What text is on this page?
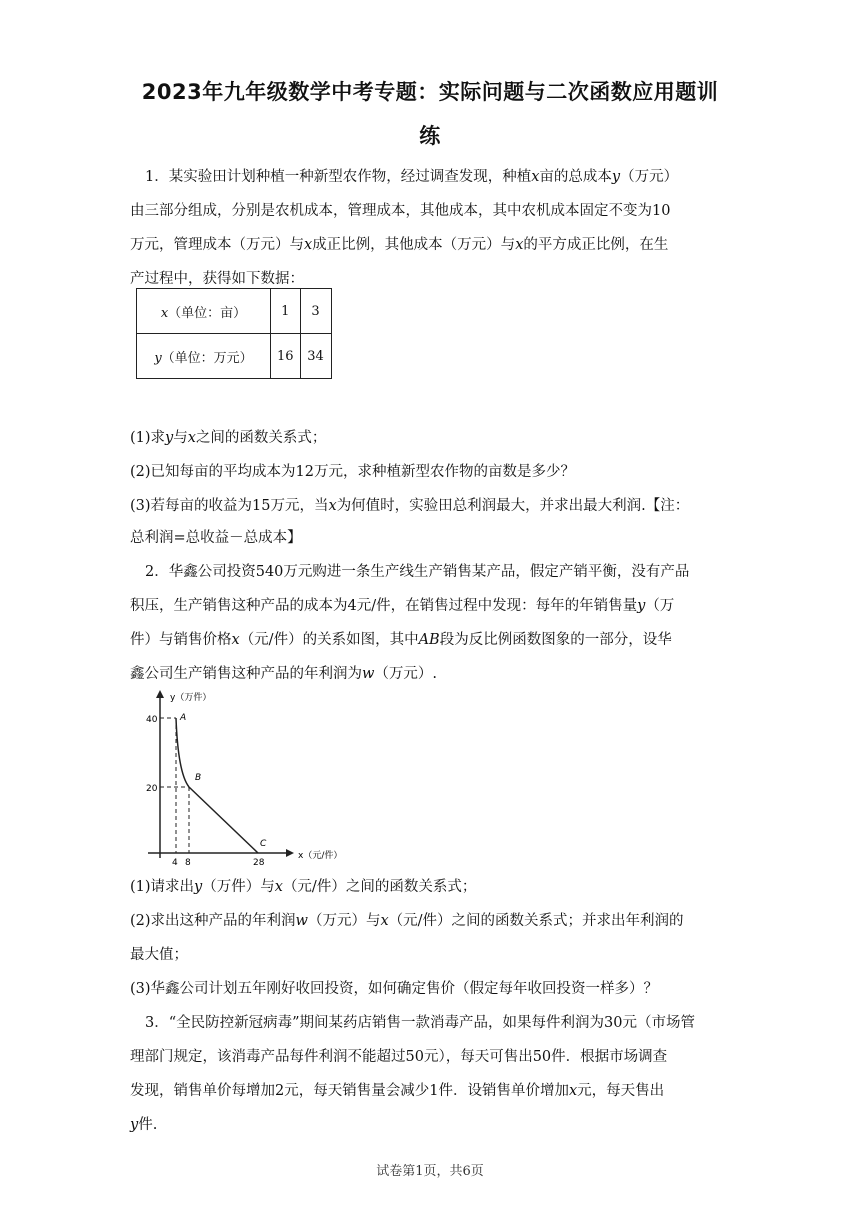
2023年九年级数学中考专题：实际问题与二次函数应用题训
练
1．某实验田计划种植一种新型农作物，经过调查发现，种植x亩的总成本y（万元）
由三部分组成，分别是农机成本，管理成本，其他成本，其中农机成本固定不变为10
万元，管理成本（万元）与x成正比例，其他成本（万元）与x的平方成正比例，在生
产过程中，获得如下数据：
x（单位：亩）	1	3
y（单位：万元）	16	34
(1)求y与x之间的函数关系式；
(2)已知每亩的平均成本为12万元，求种植新型农作物的亩数是多少？
(3)若每亩的收益为15万元，当x为何值时，实验田总利润最大，并求出最大利润.【注：
总利润=总收益－总成本】
2．华鑫公司投资540万元购进一条生产线生产销售某产品，假定产销平衡，没有产品
积压，生产销售这种产品的成本为4元/件，在销售过程中发现：每年的年销售量y（万
件）与销售价格x（元/件）的关系如图，其中AB段为反比例函数图象的一部分，设华
鑫公司生产销售这种产品的年利润为w（万元）.
y（万件）
x（元/件）
40
20
4 8	28
A
B
C
(1)请求出y（万件）与x（元/件）之间的函数关系式；
(2)求出这种产品的年利润w（万元）与x（元/件）之间的函数关系式；并求出年利润的
最大值；
(3)华鑫公司计划五年刚好收回投资，如何确定售价（假定每年收回投资一样多）？
3．“全民防控新冠病毒”期间某药店销售一款消毒产品，如果每件利润为30元（市场管
理部门规定，该消毒产品每件利润不能超过50元），每天可售出50件．根据市场调查
发现，销售单价每增加2元，每天销售量会减少1件．设销售单价增加x元，每天售出
y件.
试卷第1页，共6页
